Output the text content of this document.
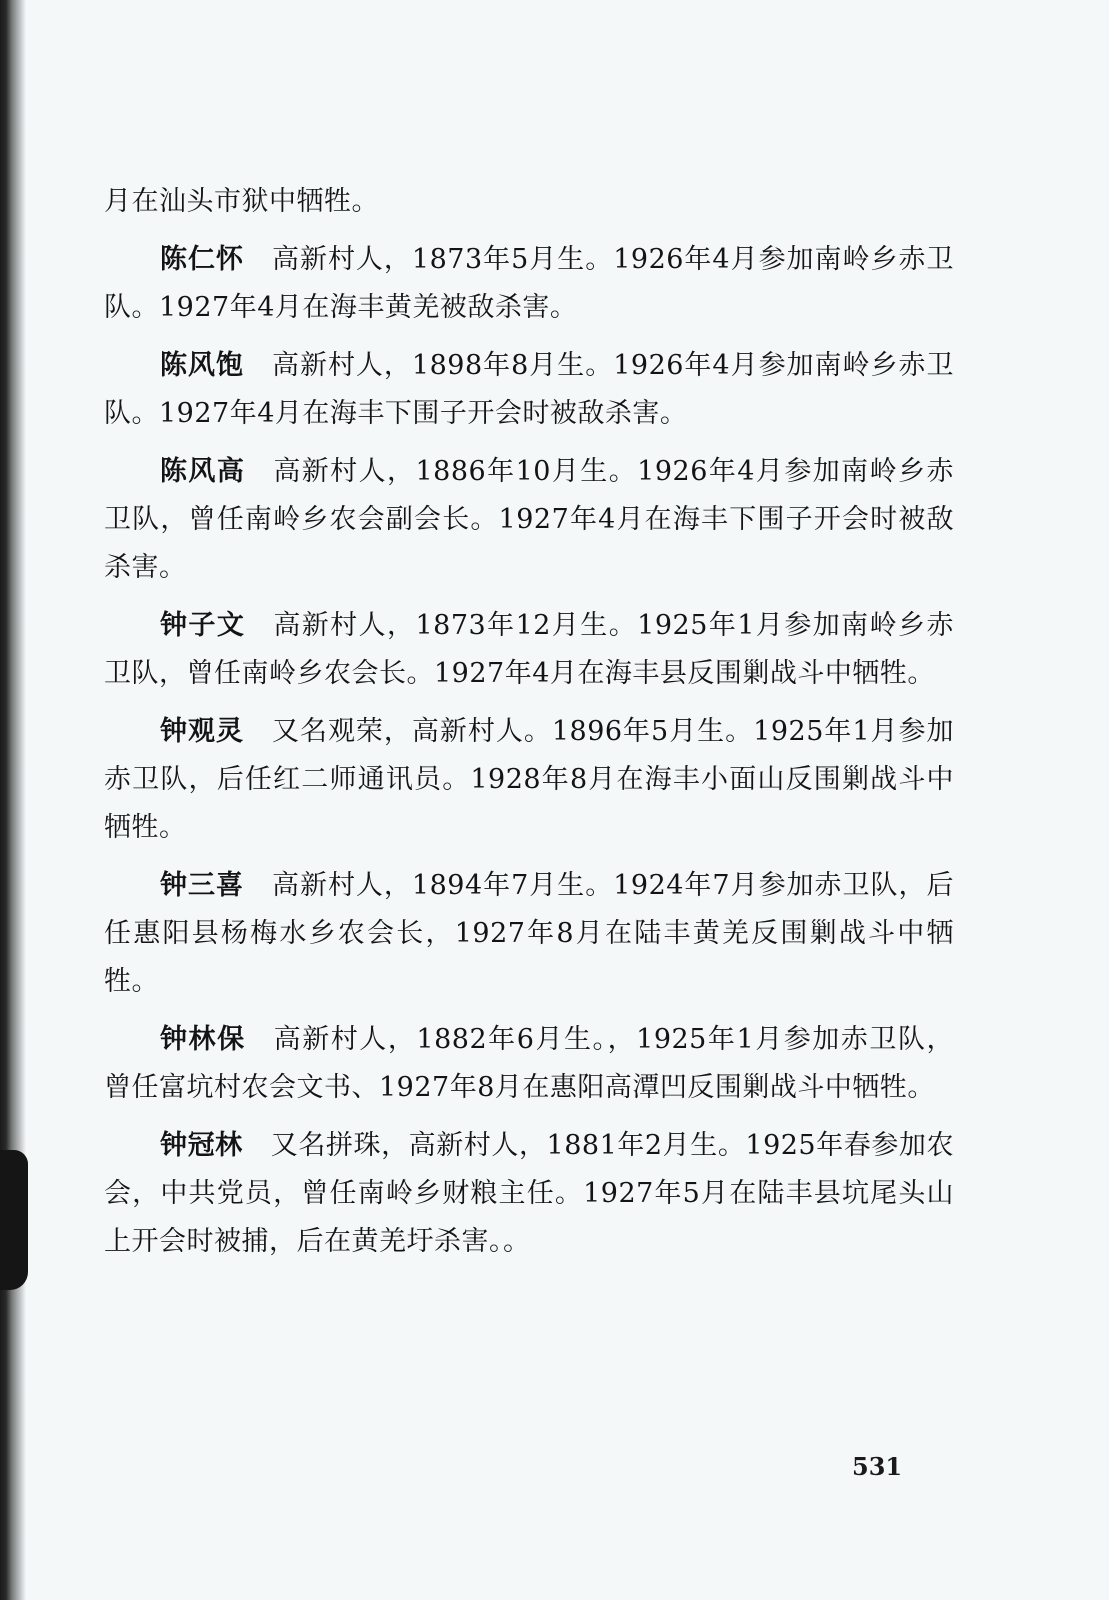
月在汕头市狱中牺牲。

陈仁怀 高新村人，1873年5月生。1926年4月参加南岭乡赤卫队。1927年4月在海丰黄羌被敌杀害。

陈风饱 高新村人，1898年8月生。1926年4月参加南岭乡赤卫队。1927年4月在海丰下围子开会时被敌杀害。

陈风高 高新村人，1886年10月生。1926年4月参加南岭乡赤卫队，曾任南岭乡农会副会长。1927年4月在海丰下围子开会时被敌杀害。

钟子文 高新村人，1873年12月生。1925年1月参加南岭乡赤卫队，曾任南岭乡农会长。1927年4月在海丰县反围剿战斗中牺牲。

钟观灵 又名观荣，高新村人。1896年5月生。1925年1月参加赤卫队，后任红二师通讯员。1928年8月在海丰小面山反围剿战斗中牺牲。

钟三喜 高新村人，1894年7月生。1924年7月参加赤卫队，后任惠阳县杨梅水乡农会长，1927年8月在陆丰黄羌反围剿战斗中牺牲。

钟林保 高新村人，1882年6月生。，1925年1月参加赤卫队，曾任富坑村农会文书、1927年8月在惠阳高潭凹反围剿战斗中牺牲。

钟冠林 又名拼珠，高新村人，1881年2月生。1925年春参加农会，中共党员，曾任南岭乡财粮主任。1927年5月在陆丰县坑尾头山上开会时被捕，后在黄羌圩杀害。。

531
